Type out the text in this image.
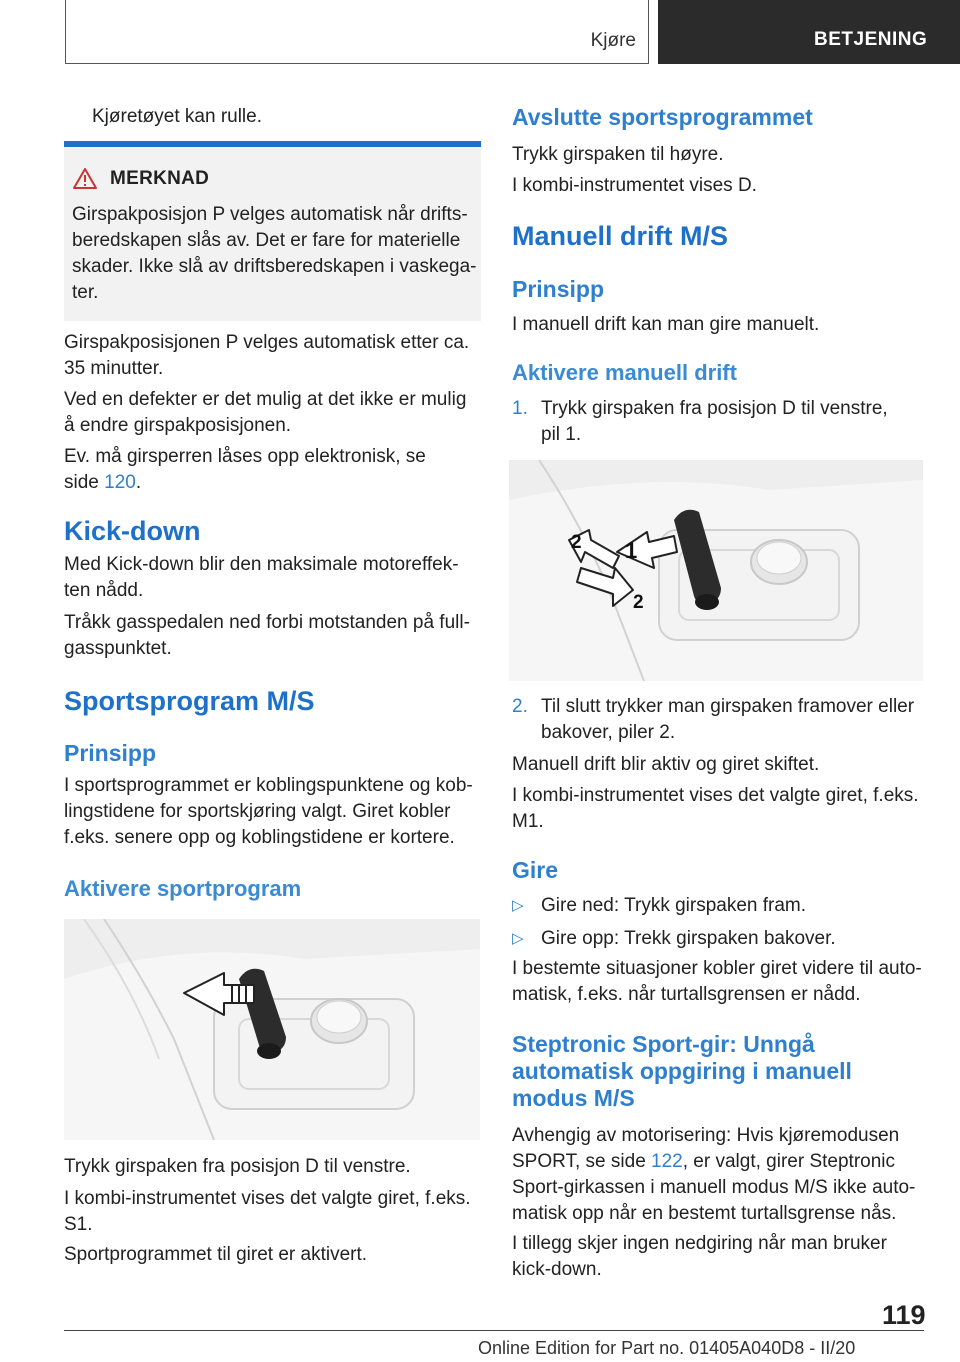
Kjøre	BETJENING

Kjøretøyet kan rulle.

MERKNAD

Girspakposisjon P velges automatisk når drifts-

beredskapen slås av. Det er fare for materielle

skader. Ikke slå av driftsberedskapen i vaskega-

ter.

Girspakposisjonen P velges automatisk etter ca.

35 minutter.

Ved en defekter er det mulig at det ikke er mulig

å endre girspakposisjonen.

Ev. må girsperren låses opp elektronisk, se

side 120.

Kick-down

Med Kick-down blir den maksimale motoreffek-

ten nådd.

Tråkk gasspedalen ned forbi motstanden på full-

gasspunktet.

Sportsprogram M/S
Prinsipp

I sportsprogrammet er koblingspunktene og kob-

lingstidene for sportskjøring valgt. Giret kobler

f.eks. senere opp og koblingstidene er kortere.

Aktivere sportprogram

Trykk girspaken fra posisjon D til venstre.

I kombi-instrumentet vises det valgte giret, f.eks.

S1.

Sportprogrammet til giret er aktivert.

Avslutte sportsprogrammet

Trykk girspaken til høyre.

I kombi-instrumentet vises D.

Manuell drift M/S
Prinsipp

I manuell drift kan man gire manuelt.

Aktivere manuell drift
1. Trykk girspaken fra posisjon D til venstre,

pil 1.

1
2
2
2. Til slutt trykker man girspaken framover eller

bakover, piler 2.

Manuell drift blir aktiv og giret skiftet.

I kombi-instrumentet vises det valgte giret, f.eks.

M1.

Gire
▷ Gire ned: Trykk girspaken fram.

▷ Gire opp: Trekk girspaken bakover.

I bestemte situasjoner kobler giret videre til auto-

matisk, f.eks. når turtallsgrensen er nådd.

Steptronic Sport-gir: Unngå
automatisk oppgiring i manuell
modus M/S

Avhengig av motorisering: Hvis kjøremodusen

SPORT, se side 122, er valgt, girer Steptronic

Sport-girkassen i manuell modus M/S ikke auto-

matisk opp når en bestemt turtallsgrense nås.

I tillegg skjer ingen nedgiring når man bruker

kick-down.

119
Online Edition for Part no. 01405A040D8 - II/20
